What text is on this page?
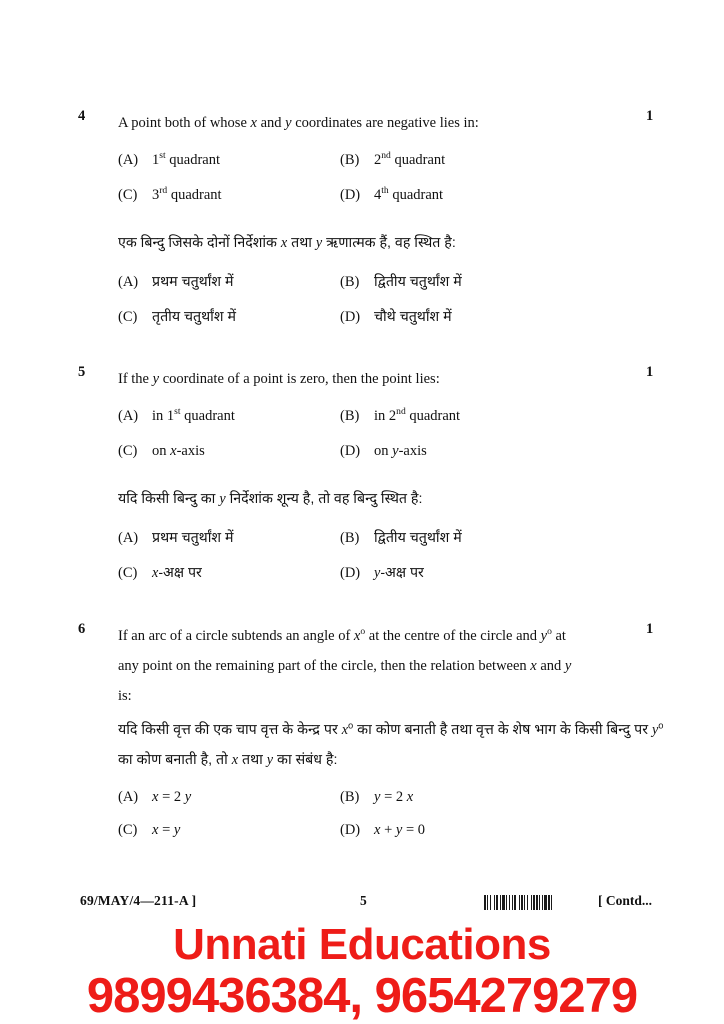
4	1
A point both of whose x and y coordinates are negative lies in:
(A) 1st quadrant	(B) 2nd quadrant
(C) 3rd quadrant	(D) 4th quadrant
एक बिन्दु जिसके दोनों निर्देशांक x तथा y ऋणात्मक हैं, वह स्थित है:
(A) प्रथम चतुर्थांश में	(B) द्वितीय चतुर्थांश में
(C) तृतीय चतुर्थांश में	(D) चौथे चतुर्थांश में
5	1
If the y coordinate of a point is zero, then the point lies:
(A) in 1st quadrant	(B) in 2nd quadrant
(C) on x-axis	(D) on y-axis
यदि किसी बिन्दु का y निर्देशांक शून्य है, तो वह बिन्दु स्थित है:
(A) प्रथम चतुर्थांश में	(B) द्वितीय चतुर्थांश में
(C) x-अक्ष पर	(D) y-अक्ष पर
6	1
If an arc of a circle subtends an angle of $x^o$ at the centre of the circle and $y^o$ at any point on the remaining part of the circle, then the relation between x and y is:
यदि किसी वृत्त की एक चाप वृत्त के केन्द्र पर $x^o$ का कोण बनाती है तथा वृत्त के शेष भाग के किसी बिन्दु पर $y^o$ का कोण बनाती है, तो x तथा y का संबंध है:
(A) x = 2 y	(B) y = 2 x
(C) x = y	(D) x + y = 0
69/MAY/4—211-A ]	5	[ Contd...
Unnati Educations
9899436384, 9654279279
